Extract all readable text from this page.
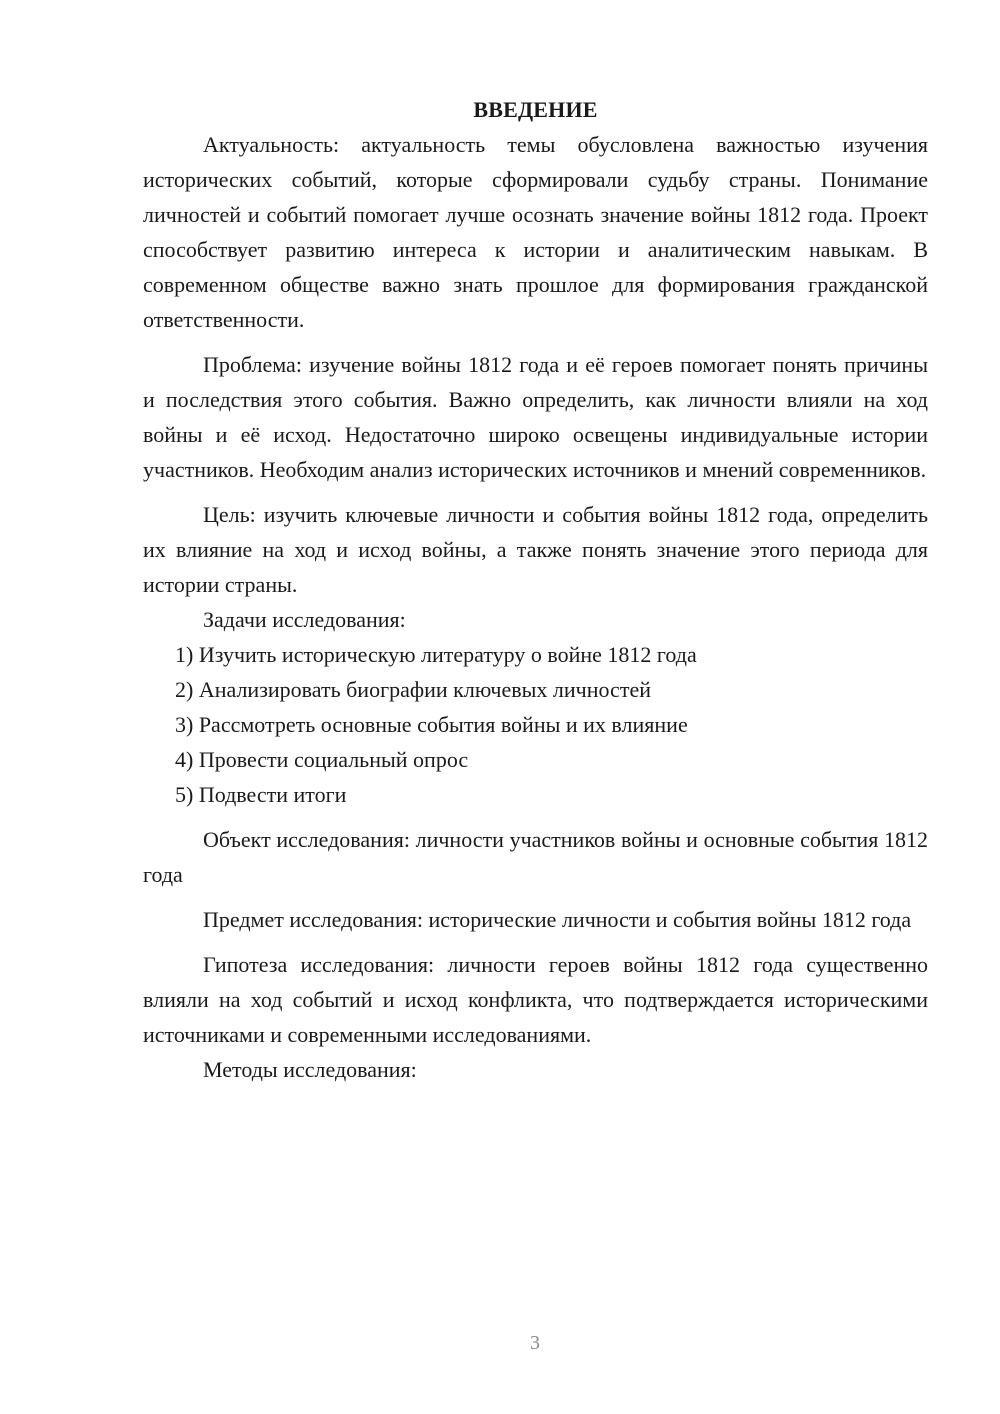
ВВЕДЕНИЕ

Актуальность: актуальность темы обусловлена важностью изучения исторических событий, которые сформировали судьбу страны. Понимание личностей и событий помогает лучше осознать значение войны 1812 года. Проект способствует развитию интереса к истории и аналитическим навыкам. В современном обществе важно знать прошлое для формирования гражданской ответственности.

Проблема: изучение войны 1812 года и её героев помогает понять причины и последствия этого события. Важно определить, как личности влияли на ход войны и её исход. Недостаточно широко освещены индивидуальные истории участников. Необходим анализ исторических источников и мнений современников.

Цель: изучить ключевые личности и события войны 1812 года, определить их влияние на ход и исход войны, а также понять значение этого периода для истории страны.

Задачи исследования:

1) Изучить историческую литературу о войне 1812 года

2) Анализировать биографии ключевых личностей

3) Рассмотреть основные события войны и их влияние

4) Провести социальный опрос

5) Подвести итоги

Объект исследования: личности участников войны и основные события 1812 года

Предмет исследования: исторические личности и события войны 1812 года

Гипотеза исследования: личности героев войны 1812 года существенно влияли на ход событий и исход конфликта, что подтверждается историческими источниками и современными исследованиями.

Методы исследования:

3
